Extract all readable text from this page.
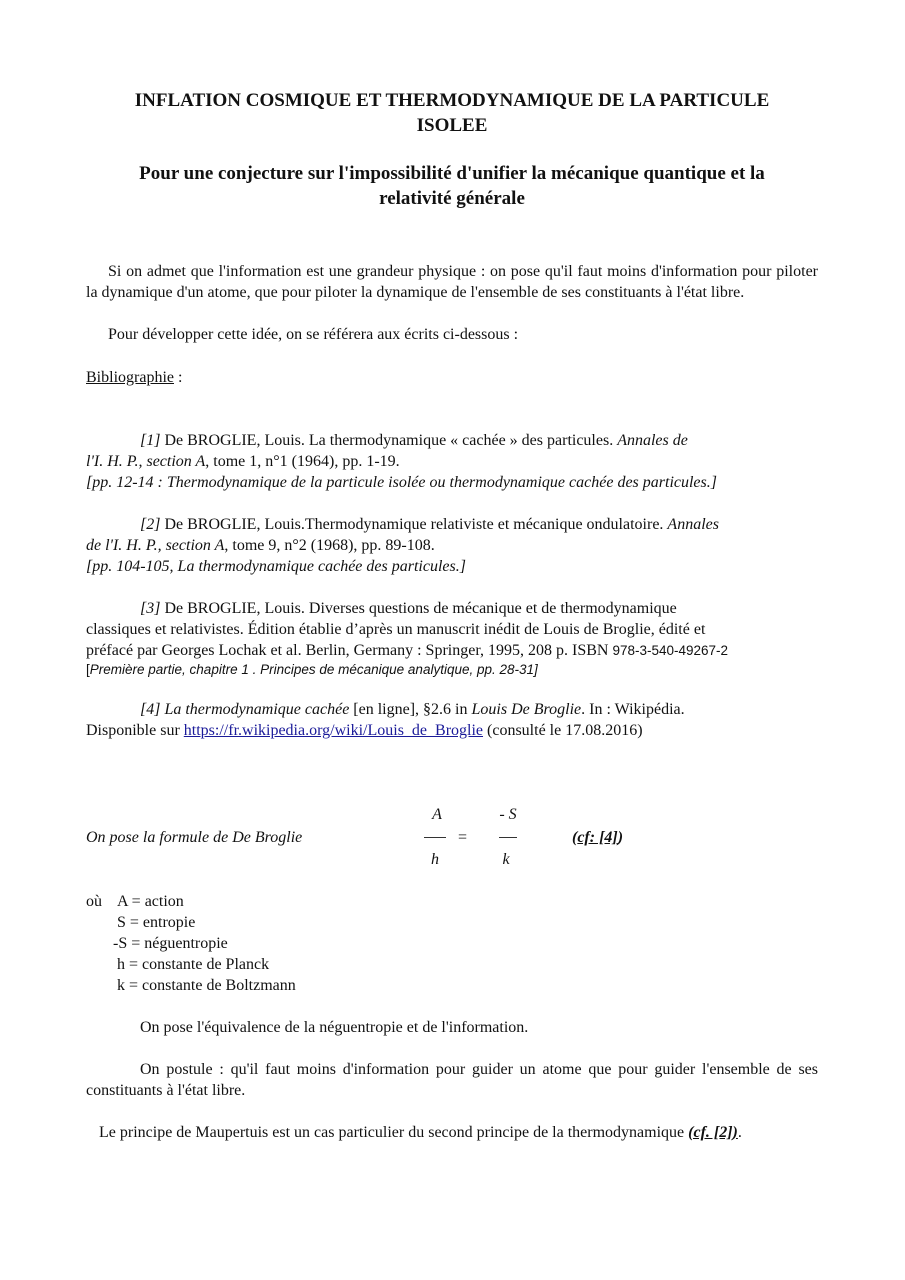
INFLATION COSMIQUE ET THERMODYNAMIQUE DE LA PARTICULE
ISOLEE
Pour une conjecture sur l'impossibilité d'unifier la mécanique quantique et la
relativité générale
Si on admet que l'information est une grandeur physique : on pose qu'il faut moins d'information pour piloter la dynamique d'un atome, que pour piloter la dynamique de l'ensemble de ses constituants à l'état libre.
Pour développer cette idée, on se référera aux écrits ci-dessous :
Bibliographie :
[1] De BROGLIE, Louis. La thermodynamique « cachée » des particules. Annales de
l'I. H. P., section A, tome 1, n°1 (1964), pp. 1-19.
[pp. 12-14 : Thermodynamique de la particule isolée ou thermodynamique cachée des particules.]
[2] De BROGLIE, Louis.Thermodynamique relativiste et mécanique ondulatoire. Annales
de l'I. H. P., section A, tome 9, n°2 (1968), pp. 89-108.
[pp. 104-105, La thermodynamique cachée des particules.]
[3] De BROGLIE, Louis. Diverses questions de mécanique et de thermodynamique
classiques et relativistes. Édition établie d’après un manuscrit inédit de Louis de Broglie, édité et
préfacé par Georges Lochak et al. Berlin, Germany : Springer, 1995, 208 p. ISBN 978-3-540-49267-2
[Première partie, chapitre 1 . Principes de mécanique analytique, pp. 28-31]
[4] La thermodynamique cachée [en ligne], §2.6 in Louis De Broglie. In : Wikipédia.
Disponible sur https://fr.wikipedia.org/wiki/Louis_de_Broglie (consulté le 17.08.2016)
On pose la formule de De Broglie
A
h
=
- S
k
(cf: [4])
où A = action
S = entropie
-S = néguentropie
h = constante de Planck
k = constante de Boltzmann
On pose l'équivalence de la néguentropie et de l'information.
On postule : qu'il faut moins d'information pour guider un atome que pour guider l'ensemble de ses constituants à l'état libre.
Le principe de Maupertuis est un cas particulier du second principe de la thermodynamique (cf. [2]).
